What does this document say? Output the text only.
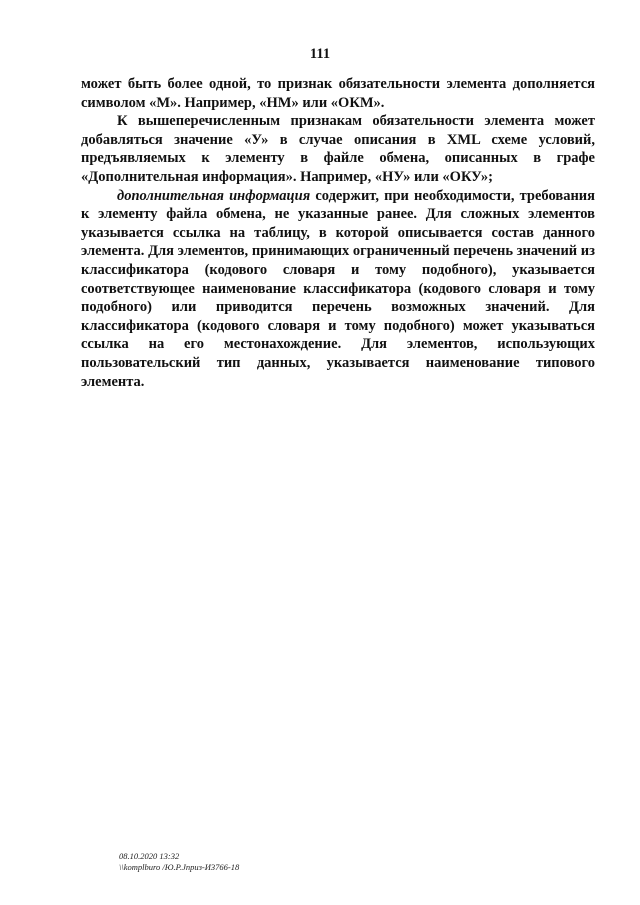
111

может быть более одной, то признак обязательности элемента дополняется символом «М». Например, «НМ» или «ОКМ».

К вышеперечисленным признакам обязательности элемента может добавляться значение «У» в случае описания в XML схеме условий, предъявляемых к элементу в файле обмена, описанных в графе «Дополнительная информация». Например, «НУ» или «ОКУ»;

дополнительная информация содержит, при необходимости, требования к элементу файла обмена, не указанные ранее. Для сложных элементов указывается ссылка на таблицу, в которой описывается состав данного элемента. Для элементов, принимающих ограниченный перечень значений из классификатора (кодового словаря и тому подобного), указывается соответствующее наименование классификатора (кодового словаря и тому подобного) или приводится перечень возможных значений. Для классификатора (кодового словаря и тому подобного) может указываться ссылка на его местонахождение. Для элементов, использующих пользовательский тип данных, указывается наименование типового элемента.

08.10.2020 13:32
\\komplburo /Ю.Р.Jnpuз-И3766-18
